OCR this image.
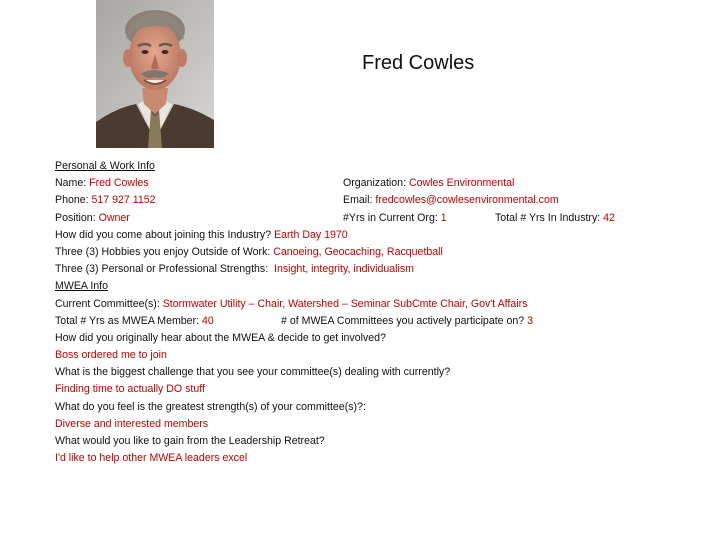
Fred Cowles
Personal & Work Info
Name: Fred Cowles	Organization: Cowles Environmental
Phone: 517 927 1152	Email: fredcowles@cowlesenvironmental.com
Position: Owner	#Yrs in Current Org: 1	Total # Yrs In Industry: 42
How did you come about joining this Industry? Earth Day 1970
Three (3) Hobbies you enjoy Outside of Work: Canoeing, Geocaching, Racquetball
Three (3) Personal or Professional Strengths:  Insight, integrity, individualism
MWEA Info
Current Committee(s): Stormwater Utility – Chair, Watershed – Seminar SubCmte Chair, Gov't Affairs
Total # Yrs as MWEA Member: 40	# of MWEA Committees you actively participate on? 3
How did you originally hear about the MWEA & decide to get involved?
Boss ordered me to join
What is the biggest challenge that you see your committee(s) dealing with currently?
Finding time to actually DO stuff
What do you feel is the greatest strength(s) of your committee(s)?:
Diverse and interested members
What would you like to gain from the Leadership Retreat?
I'd like to help other MWEA leaders excel
